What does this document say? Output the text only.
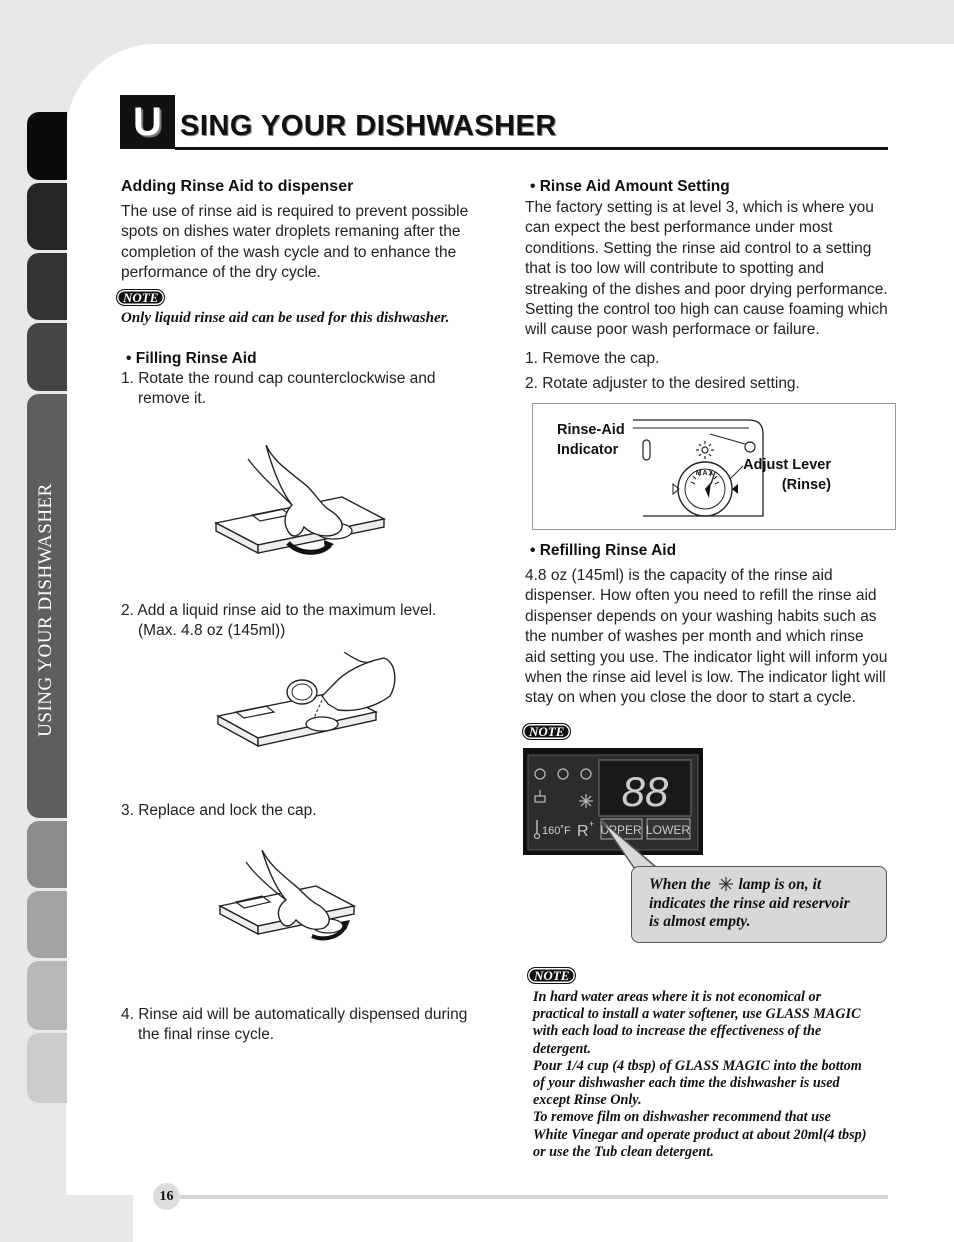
USING YOUR DISHWASHER
U SING YOUR DISHWASHER
Adding Rinse Aid to dispenser
The use of rinse aid is required to prevent possible
spots on dishes water droplets remaning after the
completion of the wash cycle and to enhance the
performance of the dry cycle.
NOTE
Only liquid rinse aid can be used for this dishwasher.
• Filling Rinse Aid
1. Rotate the round cap counterclockwise and
remove it.
2. Add a liquid rinse aid to the maximum level.
(Max. 4.8 oz (145ml))
3. Replace and lock the cap.
4. Rinse aid will be automatically dispensed during
the final rinse cycle.
• Rinse Aid Amount Setting
The factory setting is at level 3, which is where you
can expect the best performance under most
conditions. Setting the rinse aid control to a setting
that is too low will contribute to spotting and
streaking of the dishes and poor drying performance.
Setting the control too high can cause foaming which
will cause poor wash performace or failure.
1. Remove the cap.
2. Rotate adjuster to the desired setting.
MAX
Rinse-Aid
Indicator
Adjust Lever
(Rinse)
• Refilling Rinse Aid
4.8 oz (145ml) is the capacity of the rinse aid
dispenser. How often you need to refill the rinse aid
dispenser depends on your washing habits such as
the number of washes per month and which rinse
aid setting you use. The indicator light will inform you
when the rinse aid level is low. The indicator light will
stay on when you close the door to start a cycle.
NOTE
88
160˚F R + UPPER LOWER
When the lamp is on, it
indicates the rinse aid reservoir
is almost empty.
NOTE
In hard water areas where it is not economical or
practical to install a water softener, use GLASS MAGIC
with each load to increase the effectiveness of the
detergent.
Pour 1/4 cup (4 tbsp) of GLASS MAGIC into the bottom
of your dishwasher each time the dishwasher is used
except Rinse Only.
To remove film on dishwasher recommend that use
White Vinegar and operate product at about 20ml(4 tbsp)
or use the Tub clean detergent.
16
